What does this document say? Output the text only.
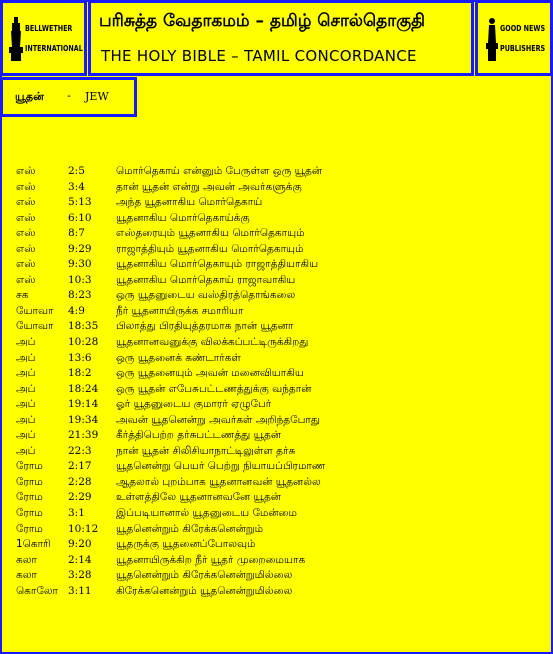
BELLWETHER
INTERNATIONAL
பரிசுத்த வேதாகமம் – தமிழ் சொல்தொகுதி
THE HOLY BIBLE – TAMIL CONCORDANCE
GOOD NEWS
PUBLISHERS
யூதன் - JEW
எஸ்	2:5	மொர்தெகாய் என்னும் பேருள்ள ஒரு யூதன்
எஸ்	3:4	தான் யூதன் என்று அவன் அவர்களுக்கு
எஸ்	5:13 அந்த யூதனாகிய மொர்தெகாய்
எஸ்	6:10 யூதனாகிய மொர்தெகாய்க்கு
எஸ்	8:7	எஸ்தரையும் யூதனாகிய மொர்தெகாயும்
எஸ்	9:29 ராஜாத்தியும் யூதனாகிய மொர்தெகாயும்
எஸ்	9:30 யூதனாகிய மொர்தெகாயும் ராஜாத்தியாகிய
எஸ்	10:3 யூதனாகிய மொர்தெகாய் ராஜாவாகிய
சக	8:23 ஒரு யூதனுடைய வஸ்திரத்தொங்கலை
யோவா 4:9	நீர் யூதனாயிருக்க சமாரியா
யோவா 18:35 பிலாத்து பிரதியுத்தரமாக நான் யூதனா
அப்	10:28 யூதனானவனுக்கு விலக்கப்பட்டிருக்கிறது
அப்	13:6 ஒரு யூதனைக் கண்டார்கள்
அப்	18:2 ஒரு யூதனையும் அவன் மனைவியாகிய
அப்	18:24 ஒரு யூதன் எபேசுபட்டணத்துக்கு வந்தான்
அப்	19:14 ஓர் யூதனுடைய குமாரர் ஏழுபேர்
அப்	19:34 அவன் யூதனென்று அவர்கள் அறிந்தபோது
அப்	21:39 கீர்த்திபெற்ற தர்சுபட்டணத்து யூதன்
அப்	22:3 நான் யூதன் சிலிசியாநாட்டிலுள்ள தர்சு
ரோம 2:17 யூதனென்று பெயர் பெற்று நியாயப்பிரமாண
ரோம 2:28 ஆதலால் புறம்பாக யூதனானவன் யூதனல்ல
ரோம 2:29 உள்ளத்திலே யூதனானவனே யூதன்
ரோம 3:1	இப்படியானால் யூதனுடைய மேன்மை
ரோம 10:12 யூதனென்றும் கிரேக்கனென்றும்
1கொரி 9:20 யூதருக்கு யூதனைப்போலவும்
கலா	2:14 யூதனாயிருக்கிற நீர் யூதர் முறைமையாக
கலா	3:28 யூதனென்றும் கிரேக்கனென்றுமில்லை
கொலோ 3:11 கிரேக்கனென்றும் யூதனென்றுமில்லை
